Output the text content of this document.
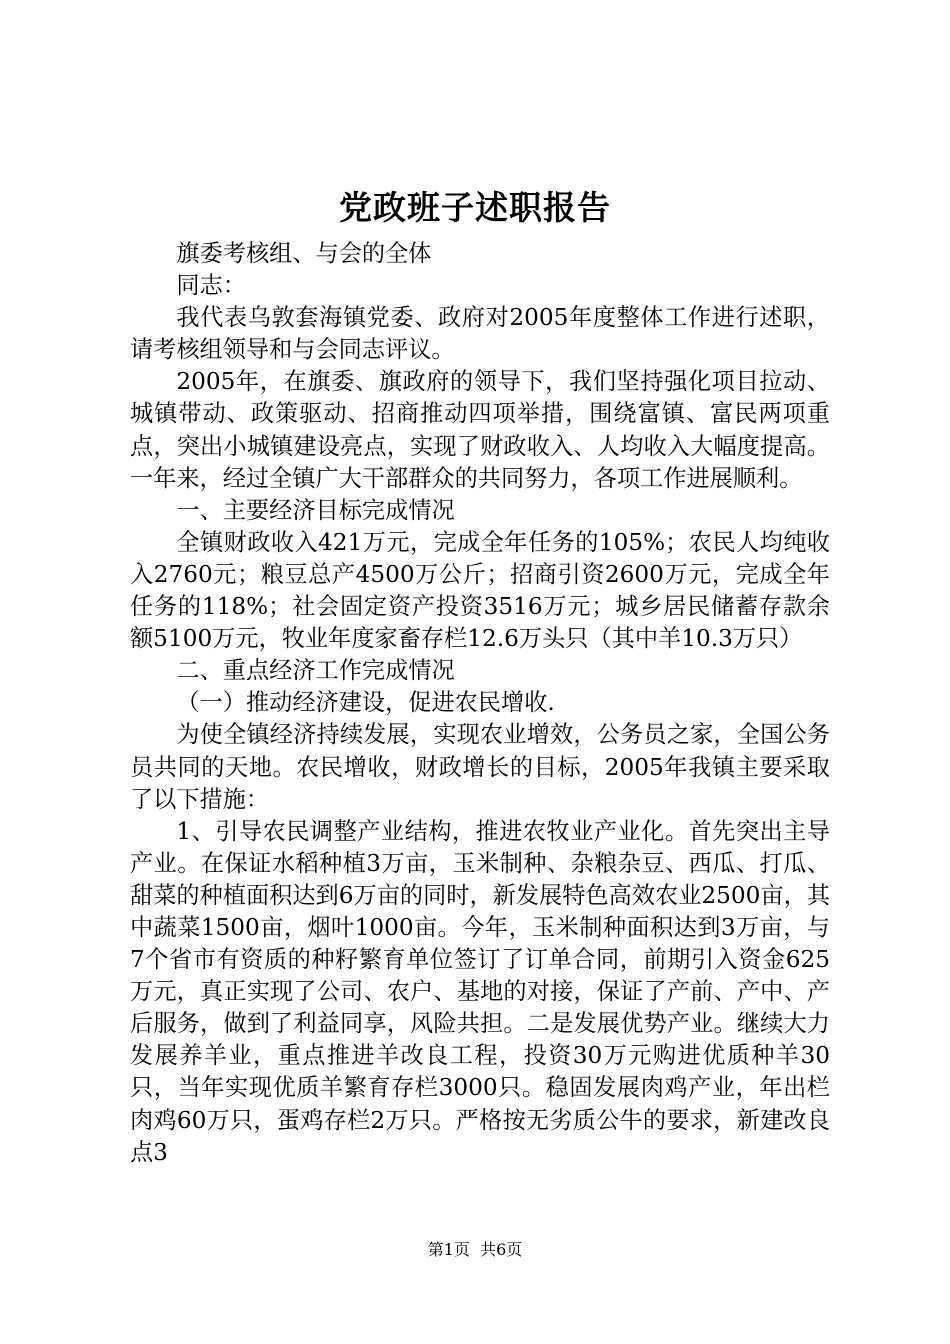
党政班子述职报告

旗委考核组、与会的全体

同志：

我代表乌敦套海镇党委、政府对2005年度整体工作进行述职，请考核组领导和与会同志评议。

2005年，在旗委、旗政府的领导下，我们坚持强化项目拉动、城镇带动、政策驱动、招商推动四项举措，围绕富镇、富民两项重点，突出小城镇建设亮点，实现了财政收入、人均收入大幅度提高。一年来，经过全镇广大干部群众的共同努力，各项工作进展顺利。

一、主要经济目标完成情况

全镇财政收入421万元，完成全年任务的105%；农民人均纯收入2760元；粮豆总产4500万公斤；招商引资2600万元，完成全年任务的118%；社会固定资产投资3516万元；城乡居民储蓄存款余额5100万元，牧业年度家畜存栏12.6万头只（其中羊10.3万只）

二、重点经济工作完成情况

（一）推动经济建设，促进农民增收.

为使全镇经济持续发展，实现农业增效，公务员之家，全国公务员共同的天地。农民增收，财政增长的目标，2005年我镇主要采取了以下措施：

1、引导农民调整产业结构，推进农牧业产业化。首先突出主导产业。在保证水稻种植3万亩，玉米制种、杂粮杂豆、西瓜、打瓜、甜菜的种植面积达到6万亩的同时，新发展特色高效农业2500亩，其中蔬菜1500亩，烟叶1000亩。今年，玉米制种面积达到3万亩，与7个省市有资质的种籽繁育单位签订了订单合同，前期引入资金625万元，真正实现了公司、农户、基地的对接，保证了产前、产中、产后服务，做到了利益同享，风险共担。二是发展优势产业。继续大力发展养羊业，重点推进羊改良工程，投资30万元购进优质种羊30只，当年实现优质羊繁育存栏3000只。稳固发展肉鸡产业，年出栏肉鸡60万只，蛋鸡存栏2万只。严格按无劣质公牛的要求，新建改良点3

第1页  共6页
